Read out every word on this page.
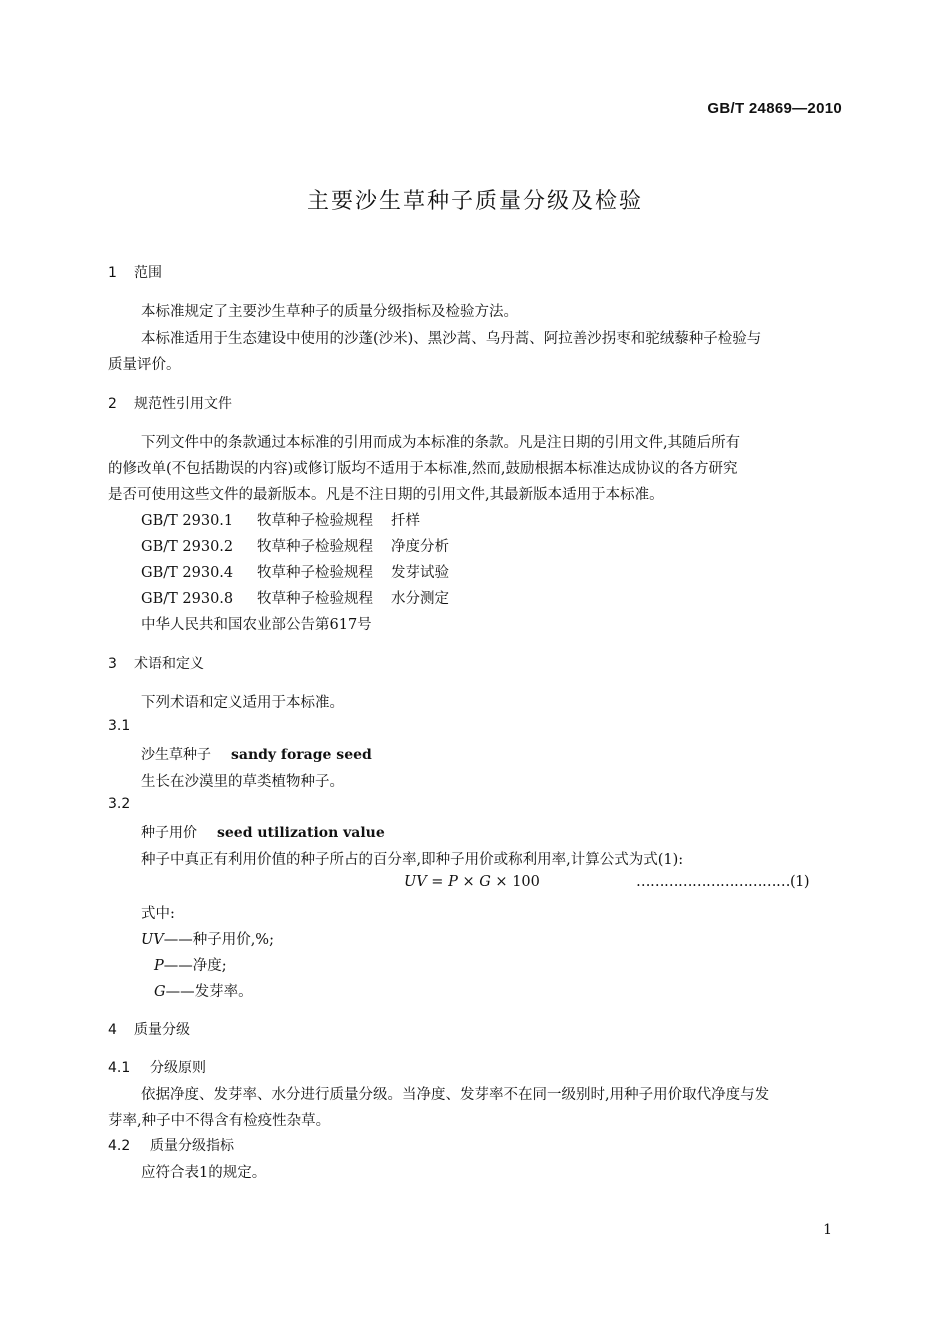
GB/T 24869—2010
主要沙生草种子质量分级及检验
1 范围
本标准规定了主要沙生草种子的质量分级指标及检验方法。
本标准适用于生态建设中使用的沙蓬(沙米)、黑沙蒿、乌丹蒿、阿拉善沙拐枣和驼绒藜种子检验与
质量评价。
2 规范性引用文件
下列文件中的条款通过本标准的引用而成为本标准的条款。凡是注日期的引用文件,其随后所有
的修改单(不包括勘误的内容)或修订版均不适用于本标准,然而,鼓励根据本标准达成协议的各方研究
是否可使用这些文件的最新版本。凡是不注日期的引用文件,其最新版本适用于本标准。
GB/T 2930.1 牧草种子检验规程 扦样
GB/T 2930.2 牧草种子检验规程 净度分析
GB/T 2930.4 牧草种子检验规程 发芽试验
GB/T 2930.8 牧草种子检验规程 水分测定
中华人民共和国农业部公告第617号
3 术语和定义
下列术语和定义适用于本标准。
3.1
沙生草种子 sandy forage seed
生长在沙漠里的草类植物种子。
3.2
种子用价 seed utilization value
种子中真正有利用价值的种子所占的百分率,即种子用价或称利用率,计算公式为式(1):
UV = P × G × 100	……………………………(1)
式中:
UV——种子用价,%;
P——净度;
G——发芽率。
4 质量分级
4.1 分级原则
依据净度、发芽率、水分进行质量分级。当净度、发芽率不在同一级别时,用种子用价取代净度与发
芽率,种子中不得含有检疫性杂草。
4.2 质量分级指标
应符合表1的规定。
1
